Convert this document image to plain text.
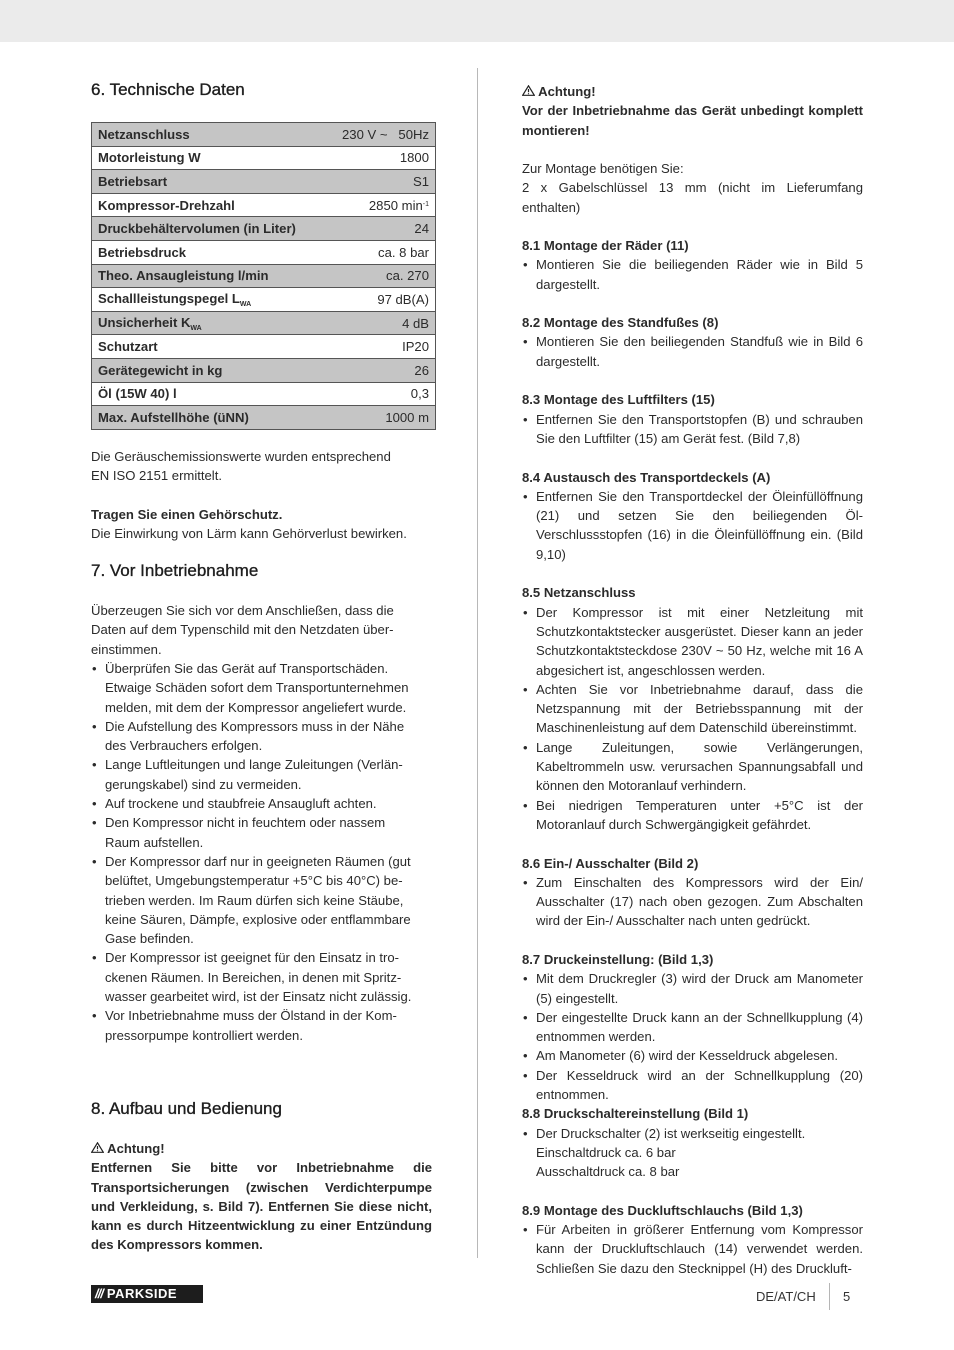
6. Technische Daten
Netzanschluss	230 V ~   50Hz
Motorleistung W	1800
Betriebsart	S1
Kompressor-Drehzahl	2850 $\min^{-1}$
Druckbehältervolumen (in Liter)	24
Betriebsdruck	ca. 8 bar
Theo. Ansaugleistung l/min	ca. 270
Schallleistungspegel $L_{WA}$	97 dB(A)
Unsicherheit $K_{WA}$	4 dB
Schutzart	IP20
Gerätegewicht in kg	26
Öl (15W 40) l	0,3
Max. Aufstellhöhe (üNN)	1000 m

Die Geräuschemissionswerte wurden entsprechend
EN ISO 2151 ermittelt.

Tragen Sie einen Gehörschutz.
Die Einwirkung von Lärm kann Gehörverlust bewirken.

7. Vor Inbetriebnahme

Überzeugen Sie sich vor dem Anschließen, dass die
Daten auf dem Typenschild mit den Netzdaten über-
einstimmen.

• Überprüfen Sie das Gerät auf Transportschäden.
Etwaige Schäden sofort dem Transportunternehmen
melden, mit dem der Kompressor angeliefert wurde.
• Die Aufstellung des Kompressors muss in der Nähe
des Verbrauchers erfolgen.
• Lange Luftleitungen und lange Zuleitungen (Verlän-
gerungskabel) sind zu vermeiden.
• Auf trockene und staubfreie Ansaugluft achten.
• Den Kompressor nicht in feuchtem oder nassem
Raum aufstellen.
• Der Kompressor darf nur in geeigneten Räumen (gut
belüftet, Umgebungstemperatur +5°C bis 40°C) be-
trieben werden. Im Raum dürfen sich keine Stäube,
keine Säuren, Dämpfe, explosive oder entflammbare
Gase befinden.
• Der Kompressor ist geeignet für den Einsatz in tro-
ckenen Räumen. In Bereichen, in denen mit Spritz-
wasser gearbeitet wird, ist der Einsatz nicht zulässig.
• Vor Inbetriebnahme muss der Ölstand in der Kom-
pressorpumpe kontrolliert werden.
8. Aufbau und Bedienung
Achtung!

Entfernen Sie bitte vor Inbetriebnahme die Transportsicherungen (zwischen Verdichterpumpe und Verkleidung, s. Bild 7). Entfernen Sie diese nicht, kann es durch Hitzeentwicklung zu einer Entzündung des Kompressors kommen.

Achtung!

Vor der Inbetriebnahme das Gerät unbedingt komplett montieren!

Zur Montage benötigen Sie:
2 x Gabelschlüssel 13 mm (nicht im Lieferumfang enthalten)

8.1 Montage der Räder (11)
• Montieren Sie die beiliegenden Räder wie in Bild 5 dargestellt.
8.2 Montage des Standfußes (8)
• Montieren Sie den beiliegenden Standfuß wie in Bild 6 dargestellt.
8.3 Montage des Luftfilters (15)
• Entfernen Sie den Transportstopfen (B) und schrauben Sie den Luftfilter (15) am Gerät fest. (Bild 7,8)
8.4 Austausch des Transportdeckels (A)
• Entfernen Sie den Transportdeckel der Öleinfüllöffnung (21) und setzen Sie den beiliegenden Öl- Verschlussstopfen (16) in die Öleinfüllöffnung ein. (Bild 9,10)
8.5 Netzanschluss
• Der Kompressor ist mit einer Netzleitung mit Schutzkontaktstecker ausgerüstet. Dieser kann an jeder Schutzkontaktsteckdose 230V ~ 50 Hz, welche mit 16 A abgesichert ist, angeschlossen werden.
• Achten Sie vor Inbetriebnahme darauf, dass die Netzspannung mit der Betriebsspannung mit der Maschinenleistung auf dem Datenschild übereinstimmt.
• Lange Zuleitungen, sowie Verlängerungen, Kabeltrommeln usw. verursachen Spannungsabfall und können den Motoranlauf verhindern.
• Bei niedrigen Temperaturen unter +5°C ist der Motoranlauf durch Schwergängigkeit gefährdet.
8.6 Ein-/ Ausschalter (Bild 2)
• Zum Einschalten des Kompressors wird der Ein/ Ausschalter (17) nach oben gezogen. Zum Abschalten wird der Ein-/ Ausschalter nach unten gedrückt.
8.7 Druckeinstellung: (Bild 1,3)
• Mit dem Druckregler (3) wird der Druck am Manometer (5) eingestellt.
• Der eingestellte Druck kann an der Schnellkupplung (4) entnommen werden.
• Am Manometer (6) wird der Kesseldruck abgelesen.
• Der Kesseldruck wird an der Schnellkupplung (20) entnommen.
8.8 Druckschaltereinstellung (Bild 1)
• Der Druckschalter (2) ist werkseitig eingestellt.

Einschaltdruck ca. 6 bar

Ausschaltdruck ca. 8 bar

8.9 Montage des Duckluftschlauchs (Bild 1,3)
• Für Arbeiten in größerer Entfernung vom Kompressor kann der Druckluftschlauch (14) verwendet werden. Schließen Sie dazu den Stecknippel (H) des Druckluft-
/// PARKSIDE	DE/AT/CH 5
